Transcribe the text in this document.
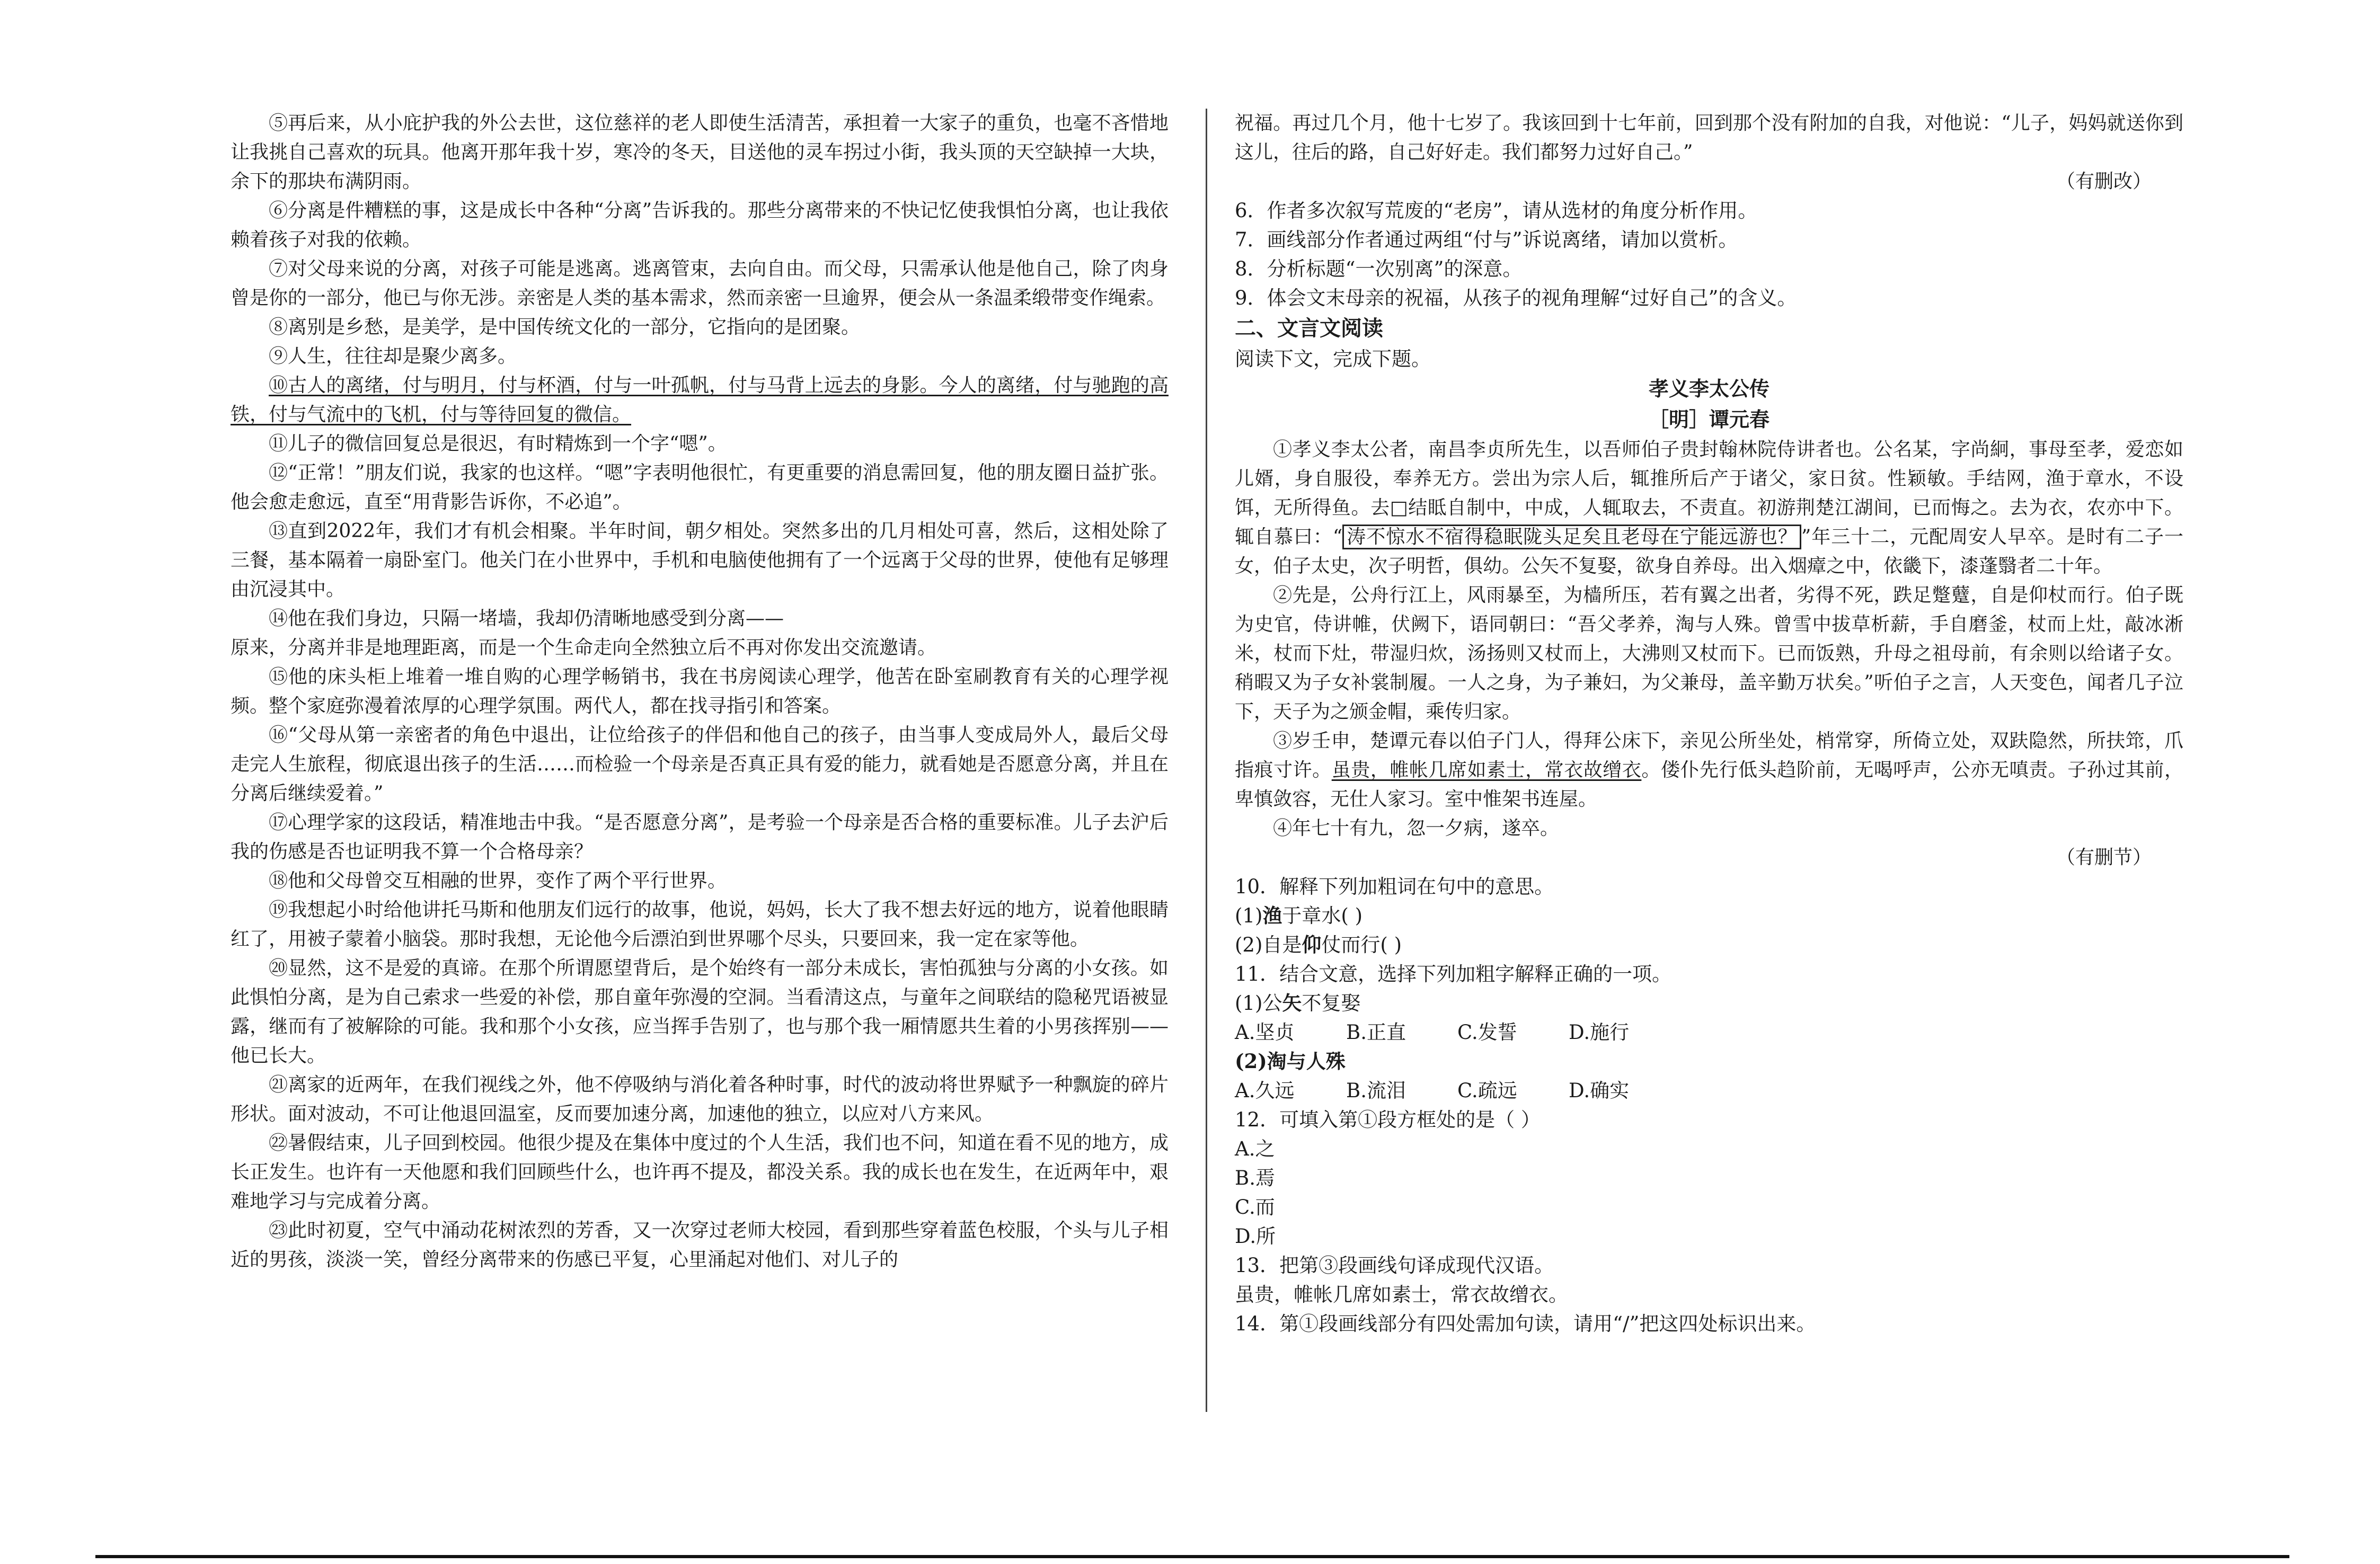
⑤再后来，从小庇护我的外公去世，这位慈祥的老人即使生活清苦，承担着一大家子的重负，也毫不吝惜地让我挑自己喜欢的玩具。他离开那年我十岁，寒冷的冬天，目送他的灵车拐过小街，我头顶的天空缺掉一大块，余下的那块布满阴雨。

⑥分离是件糟糕的事，这是成长中各种“分离”告诉我的。那些分离带来的不快记忆使我惧怕分离，也让我依赖着孩子对我的依赖。

⑦对父母来说的分离，对孩子可能是逃离。逃离管束，去向自由。而父母，只需承认他是他自己，除了肉身曾是你的一部分，他已与你无涉。亲密是人类的基本需求，然而亲密一旦逾界，便会从一条温柔缎带变作绳索。

⑧离别是乡愁，是美学，是中国传统文化的一部分，它指向的是团聚。

⑨人生，往往却是聚少离多。

⑩古人的离绪，付与明月，付与杯酒，付与一叶孤帆，付与马背上远去的身影。今人的离绪，付与驰跑的高铁，付与气流中的飞机，付与等待回复的微信。

⑪儿子的微信回复总是很迟，有时精炼到一个字“嗯”。

⑫“正常！”朋友们说，我家的也这样。“嗯”字表明他很忙，有更重要的消息需回复，他的朋友圈日益扩张。他会愈走愈远，直至“用背影告诉你，不必追”。

⑬直到2022年，我们才有机会相聚。半年时间，朝夕相处。突然多出的几月相处可喜，然后，这相处除了三餐，基本隔着一扇卧室门。他关门在小世界中，手机和电脑使他拥有了一个远离于父母的世界，使他有足够理由沉浸其中。

⑭他在我们身边，只隔一堵墙，我却仍清晰地感受到分离——

原来，分离并非是地理距离，而是一个生命走向全然独立后不再对你发出交流邀请。

⑮他的床头柜上堆着一堆自购的心理学畅销书，我在书房阅读心理学，他苦在卧室刷教育有关的心理学视频。整个家庭弥漫着浓厚的心理学氛围。两代人，都在找寻指引和答案。

⑯“父母从第一亲密者的角色中退出，让位给孩子的伴侣和他自己的孩子，由当事人变成局外人，最后父母走完人生旅程，彻底退出孩子的生活……而检验一个母亲是否真正具有爱的能力，就看她是否愿意分离，并且在分离后继续爱着。”

⑰心理学家的这段话，精准地击中我。“是否愿意分离”，是考验一个母亲是否合格的重要标准。儿子去沪后我的伤感是否也证明我不算一个合格母亲？

⑱他和父母曾交互相融的世界，变作了两个平行世界。

⑲我想起小时给他讲托马斯和他朋友们远行的故事，他说，妈妈，长大了我不想去好远的地方，说着他眼睛红了，用被子蒙着小脑袋。那时我想，无论他今后漂泊到世界哪个尽头，只要回来，我一定在家等他。

⑳显然，这不是爱的真谛。在那个所谓愿望背后，是个始终有一部分未成长，害怕孤独与分离的小女孩。如此惧怕分离，是为自己索求一些爱的补偿，那自童年弥漫的空洞。当看清这点，与童年之间联结的隐秘咒语被显露，继而有了被解除的可能。我和那个小女孩，应当挥手告别了，也与那个我一厢情愿共生着的小男孩挥别——他已长大。

㉑离家的近两年，在我们视线之外，他不停吸纳与消化着各种时事，时代的波动将世界赋予一种飘旋的碎片形状。面对波动，不可让他退回温室，反而要加速分离，加速他的独立，以应对八方来风。

㉒暑假结束，儿子回到校园。他很少提及在集体中度过的个人生活，我们也不问，知道在看不见的地方，成长正发生。也许有一天他愿和我们回顾些什么，也许再不提及，都没关系。我的成长也在发生，在近两年中，艰难地学习与完成着分离。

㉓此时初夏，空气中涌动花树浓烈的芳香，又一次穿过老师大校园，看到那些穿着蓝色校服，个头与儿子相近的男孩，淡淡一笑，曾经分离带来的伤感已平复，心里涌起对他们、对儿子的

祝福。再过几个月，他十七岁了。我该回到十七年前，回到那个没有附加的自我，对他说：“儿子，妈妈就送你到这儿，往后的路，自己好好走。我们都努力过好自己。”

（有删改）

6．作者多次叙写荒废的“老房”，请从选材的角度分析作用。

7．画线部分作者通过两组“付与”诉说离绪，请加以赏析。

8．分析标题“一次别离”的深意。

9．体会文末母亲的祝福，从孩子的视角理解“过好自己”的含义。

二、文言文阅读

阅读下文，完成下题。

孝义李太公传

［明］谭元春

①孝义李太公者，南昌李贞所先生，以吾师伯子贵封翰林院侍讲者也。公名某，字尚絅，事母至孝，爱恋如儿婿，身自服役，奉养无方。尝出为宗人后，辄推所后产于诸父，家日贫。性颖敏。手结网，渔于章水，不设饵，无所得鱼。去□结眡自制中，中成，人辄取去，不责直。初游荆楚江湖间，已而悔之。去为衣，农亦中下。辄自慕曰：“ 涛不惊水不宿得稳眠陇头足矣且老母在宁能远游也？ ”年三十二，元配周安人早卒。是时有二子一女，伯子太史，次子明哲，俱幼。公矢不复娶，欲身自养母。出入烟瘴之中，依畿下，漆蓬翳者二十年。

②先是，公舟行江上，风雨暴至，为樯所压，若有翼之出者，劣得不死，跌足蹩躠，自是仰杖而行。伯子既为史官，侍讲帷，伏阙下，语同朝曰：“吾父孝养，淘与人殊。曾雪中拔草析薪，手自磨釜，杖而上灶，敲冰淅米，杖而下灶，带湿归炊，汤扬则又杖而上，大沸则又杖而下。已而饭熟，升母之祖母前，有余则以给诸子女。稍暇又为子女补裳制履。一人之身，为子兼妇，为父兼母，盖辛勤万状矣。”听伯子之言，人天变色，闻者几子泣下，天子为之颁金帽，乘传归家。

③岁壬申，楚谭元春以伯子门人，得拜公床下，亲见公所坐处，梢常穿，所倚立处，双趺隐然，所扶筇，爪指痕寸许。虽贵，帷帐几席如素士，常衣故缯衣。偻仆先行低头趋阶前，无喝呼声，公亦无嗔责。子孙过其前，卑慎敛容，无仕人家习。室中惟架书连屋。

④年七十有九，忽一夕病，遂卒。

（有删节）

10．解释下列加粗词在句中的意思。

(1)渔于章水( )

(2)自是仰仗而行( )

11．结合文意，选择下列加粗字解释正确的一项。

(1)公矢不复娶

A.坚贞	B.正直	C.发誓	D.施行

(2)淘与人殊

A.久远	B.流泪	C.疏远	D.确实

12．可填入第①段方框处的是（ ）

A.之

B.焉

C.而

D.所

13．把第③段画线句译成现代汉语。

虽贵，帷帐几席如素士，常衣故缯衣。

14．第①段画线部分有四处需加句读，请用“/”把这四处标识出来。
